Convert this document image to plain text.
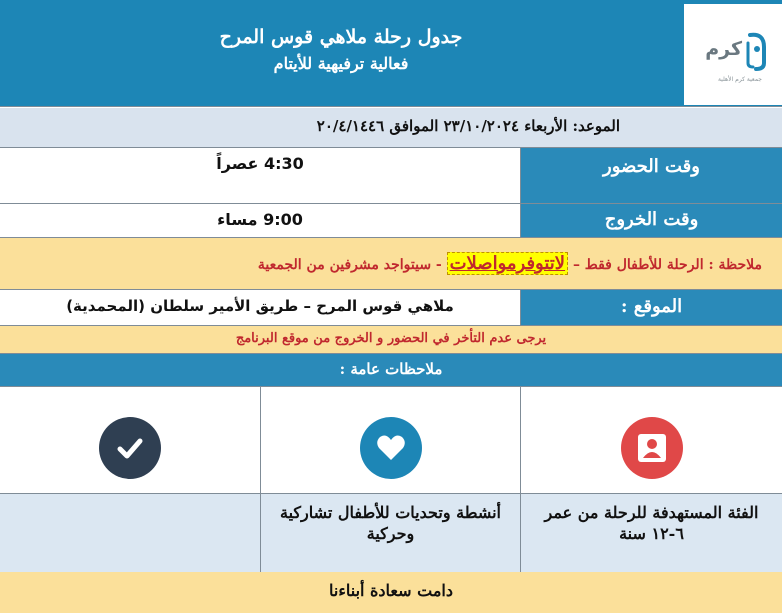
جدول رحلة ملاهي قوس المرح
فعالية ترفيهية للأيتام
كرم
جمعية كرم الأهلية
الموعد: الأربعاء ٢٣/١٠/٢٠٢٤ الموافق ٢٠/٤/١٤٤٦
وقت الحضور
4:30 عصراً
وقت الخروج
9:00 مساء
ملاحظة : الرحلة للأطفال فقط – لاتتوفرمواصلات - سيتواجد مشرفين من الجمعية
الموقع :
ملاهي قوس المرح – طريق الأمير سلطان (المحمدية)
يرجى عدم التأخر في الحضور و الخروج من موقع البرنامج
ملاحظات عامة :
الفئة المستهدفة للرحلة من عمر ٦-١٢ سنة
أنشطة وتحديات للأطفال تشاركية وحركية
دامت سعادة أبناءنا
